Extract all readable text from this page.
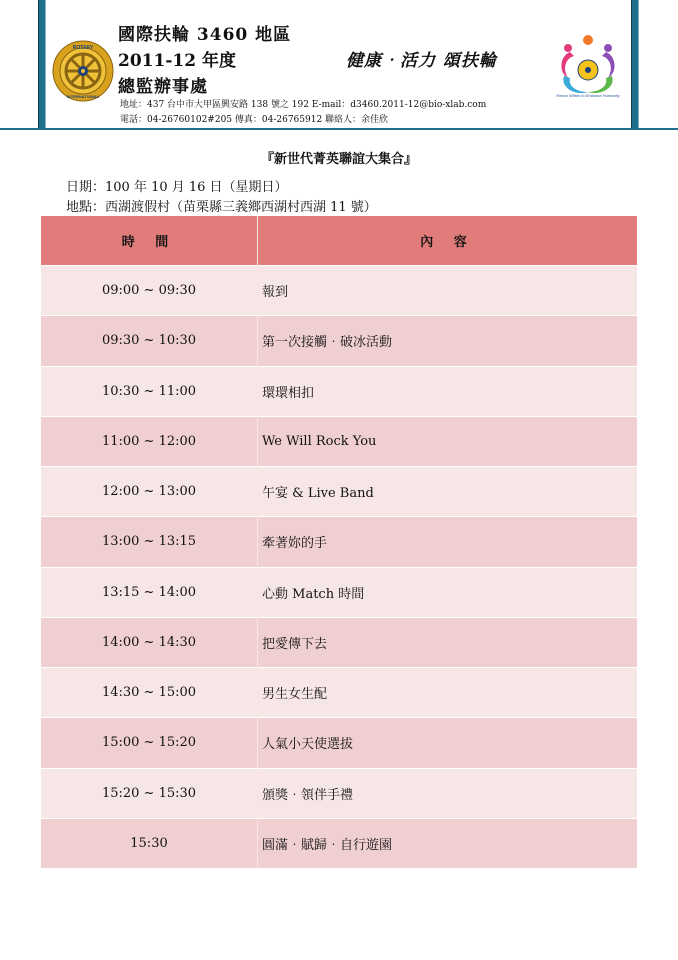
ROTARY
INTERNATIONAL
國際扶輪 3460 地區
2011-12 年度
總監辦事處
健康‧活力 頌扶輪
地址：437 台中市大甲區興安路 138 號之 192 E-mail：d3460.2011-12@bio-xlab.com
電話：04-26760102#205 傳真：04-26765912 聯絡人：余佳欣
Reach Within to Embrace Humanity
『新世代菁英聯誼大集合』
日期：100 年 10 月 16 日（星期日）
地點：西湖渡假村（苗栗縣三義鄉西湖村西湖 11 號）
時 間	內 容
09:00 ~ 09:30	報到
09:30 ~ 10:30	第一次接觸‧破冰活動
10:30 ~ 11:00	環環相扣
11:00 ~ 12:00	We Will Rock You
12:00 ~ 13:00	午宴 & Live Band
13:00 ~ 13:15	牽著妳的手
13:15 ~ 14:00	心動 Match 時間
14:00 ~ 14:30	把愛傳下去
14:30 ~ 15:00	男生女生配
15:00 ~ 15:20	人氣小天使選拔
15:20 ~ 15:30	頒獎‧領伴手禮
15:30	圓滿‧賦歸‧自行遊園
